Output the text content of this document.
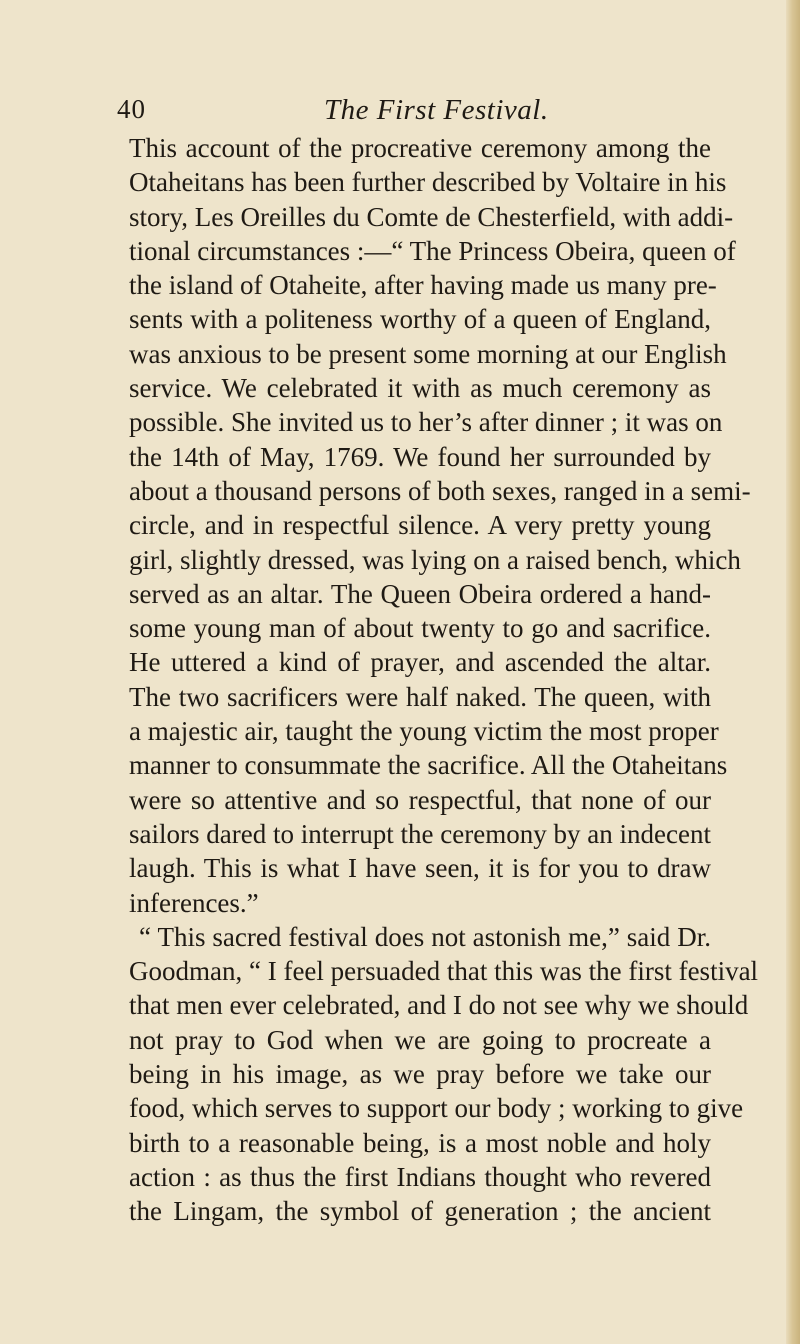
40	The First Festival.
This account of the procreative ceremony among the
Otaheitans has been further described by Voltaire in his
story, Les Oreilles du Comte de Chesterfield, with addi-
tional circumstances :—“ The Princess Obeira, queen of
the island of Otaheite, after having made us many pre-
sents with a politeness worthy of a queen of England,
was anxious to be present some morning at our English
service. We celebrated it with as much ceremony as
possible. She invited us to her’s after dinner ; it was on
the 14th of May, 1769. We found her surrounded by
about a thousand persons of both sexes, ranged in a semi-
circle, and in respectful silence. A very pretty young
girl, slightly dressed, was lying on a raised bench, which
served as an altar. The Queen Obeira ordered a hand-
some young man of about twenty to go and sacrifice.
He uttered a kind of prayer, and ascended the altar.
The two sacrificers were half naked. The queen, with
a majestic air, taught the young victim the most proper
manner to consummate the sacrifice. All the Otaheitans
were so attentive and so respectful, that none of our
sailors dared to interrupt the ceremony by an indecent
laugh. This is what I have seen, it is for you to draw
inferences.”
“ This sacred festival does not astonish me,” said Dr.
Goodman, “ I feel persuaded that this was the first festival
that men ever celebrated, and I do not see why we should
not pray to God when we are going to procreate a
being in his image, as we pray before we take our
food, which serves to support our body ; working to give
birth to a reasonable being, is a most noble and holy
action : as thus the first Indians thought who revered
the Lingam, the symbol of generation ; the ancient
